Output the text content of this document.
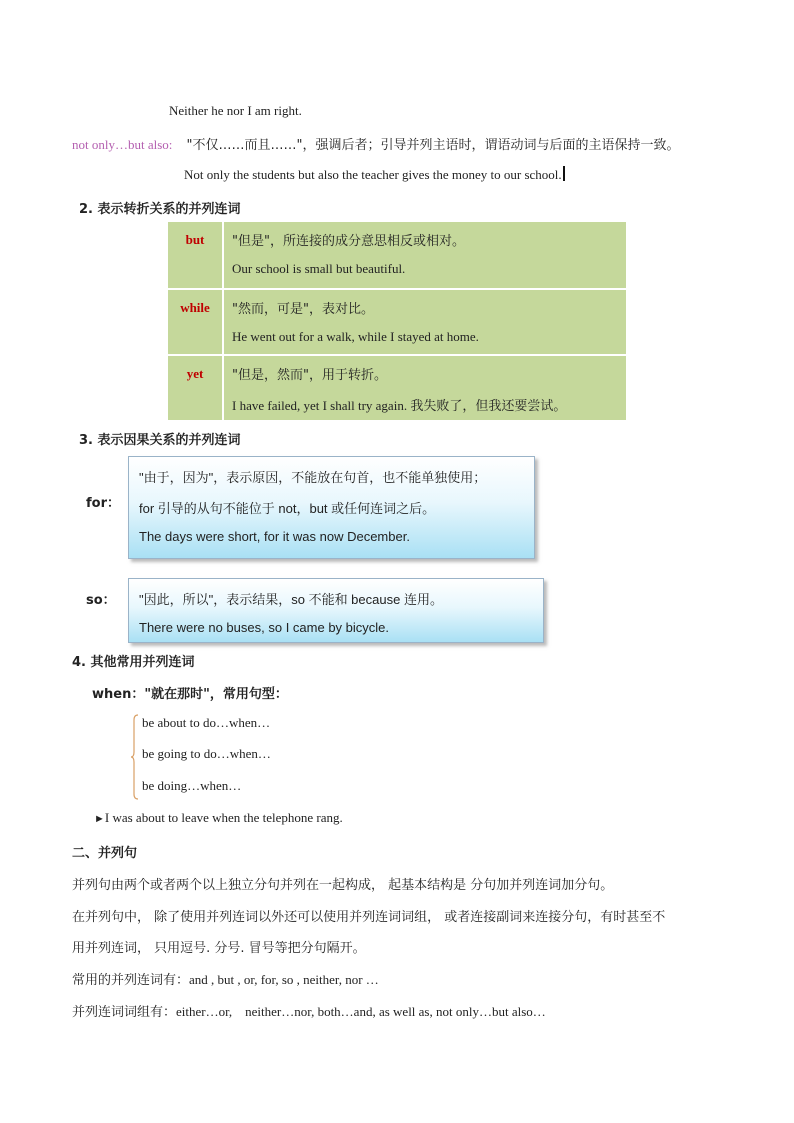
Neither he nor I am right.
not only…but also: "不仅……而且……"，强调后者；引导并列主语时，谓语动词与后面的主语保持一致。
Not only the students but also the teacher gives the money to our school.
2. 表示转折关系的并列连词
but	"但是"，所连接的成分意思相反或相对。
Our school is small but beautiful.
while	"然而，可是"，表对比。
He went out for a walk, while I stayed at home.
yet	"但是，然而"，用于转折。
I have failed, yet I shall try again. 我失败了，但我还要尝试。
3. 表示因果关系的并列连词
for：
"由于，因为"，表示原因，不能放在句首，也不能单独使用；
for 引导的从句不能位于 not，but 或任何连词之后。
The days were short, for it was now December.
so： "因此，所以"，表示结果，so 不能和 because 连用。
There were no buses, so I came by bicycle.
4. 其他常用并列连词
when："就在那时"，常用句型：
be about to do…when…
be going to do…when…
be doing…when…
►I was about to leave when the telephone rang.
二、并列句
并列句由两个或者两个以上独立分句并列在一起构成， 起基本结构是 分句加并列连词加分句。
在并列句中， 除了使用并列连词以外还可以使用并列连词词组， 或者连接副词来连接分句，有时甚至不
用并列连词， 只用逗号. 分号. 冒号等把分句隔开。
常用的并列连词有：and , but , or, for, so , neither, nor …
并列连词词组有：either…or,    neither…nor, both…and, as well as, not only…but also…
